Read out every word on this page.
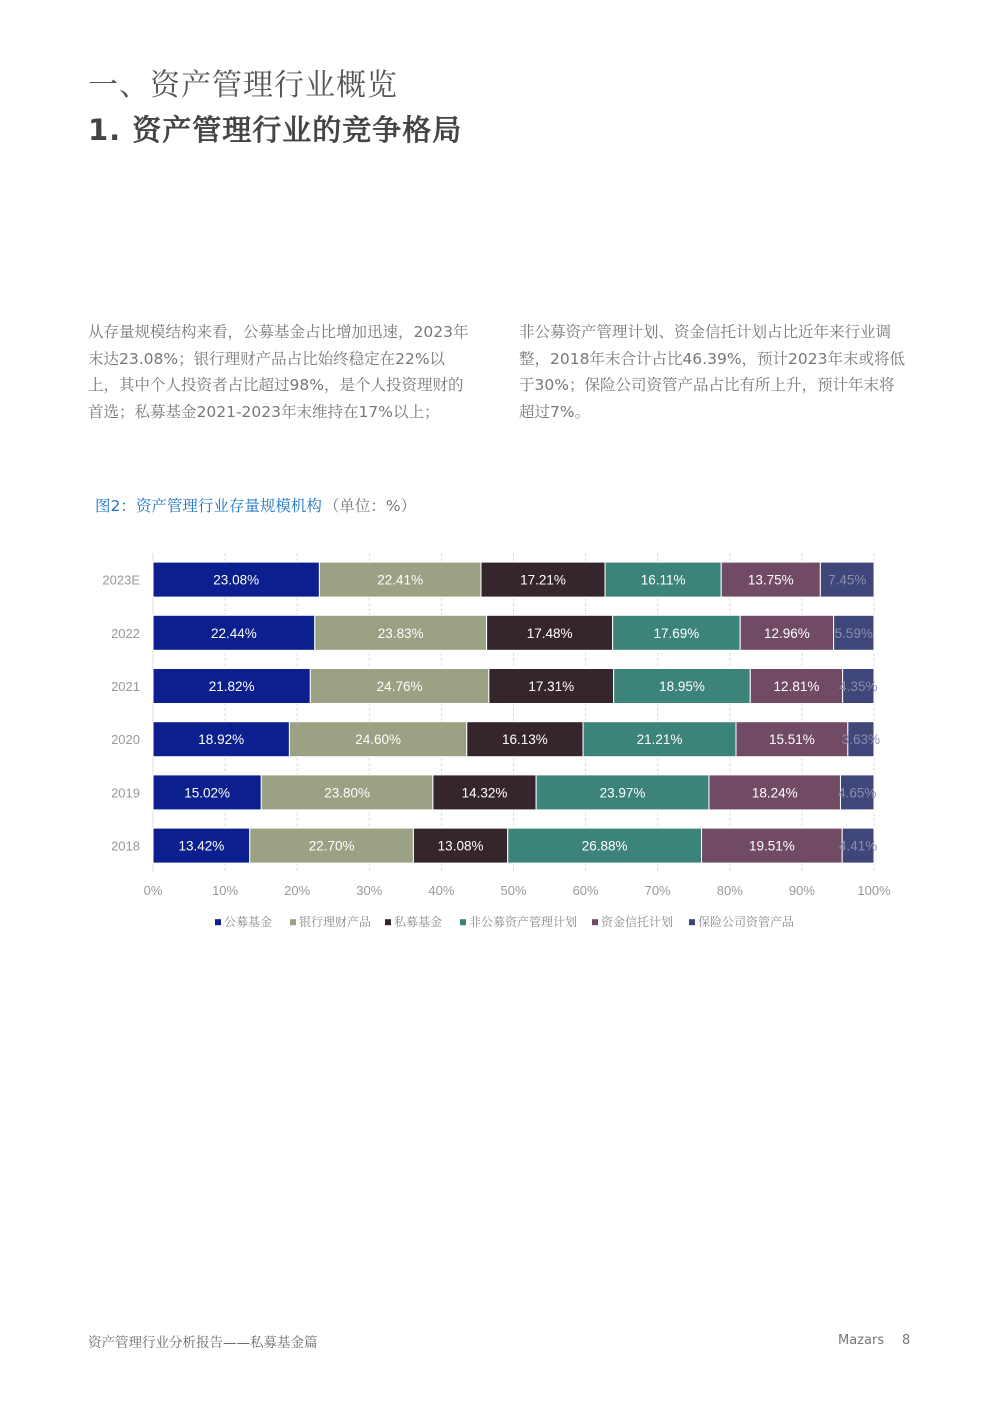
一、资产管理行业概览
1. 资产管理行业的竞争格局
从存量规模结构来看，公募基金占比增加迅速，2023年末达23.08%；银行理财产品占比始终稳定在22%以上，其中个人投资者占比超过98%，是个人投资理财的首选；私募基金2021-2023年末维持在17%以上；
非公募资产管理计划、资金信托计划占比近年来行业调整，2018年末合计占比46.39%，预计2023年末或将低于30%；保险公司资管产品占比有所上升，预计年末将超过7%。
图2：资产管理行业存量规模机构 （单位：%）
0%	10%	20%	30%	40%	50%	60%	70%	80%	90%	100%
2023E	23.08%	22.41%	17.21%	16.11%	13.75%	7.45%
2022	22.44%	23.83%	17.48%	17.69%	12.96% 5.59%
2021	21.82%	24.76%	17.31%	18.95%	12.81% 4.35%
2020	18.92%	24.60%	16.13%	21.21%	15.51% 3.63%
2019	15.02%	23.80%	14.32%	23.97%	18.24%	4.65%
2018	13.42%	22.70%	13.08%	26.88%	19.51%	4.41%
公募基金 银行理财产品 私募基金 非公募资产管理计划 资金信托计划 保险公司资管产品
资产管理行业分析报告——私募基金篇	Mazars 8
